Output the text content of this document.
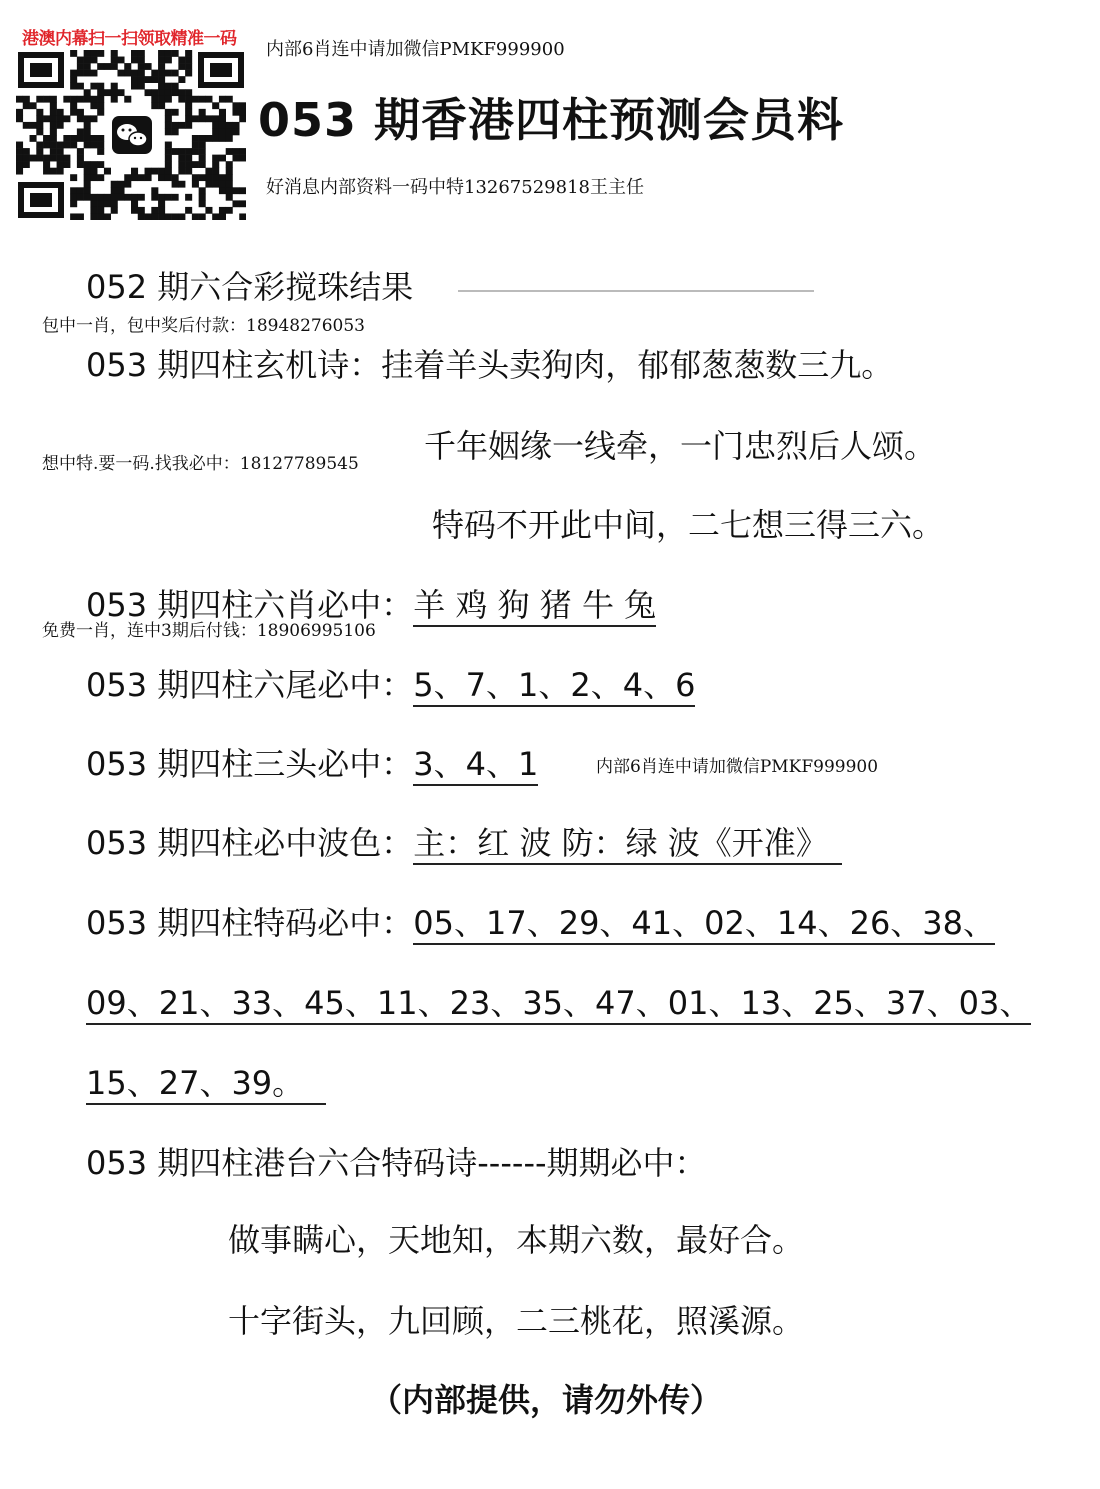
港澳内幕扫一扫领取精准一码 内部6肖连中请加微信PMKF999900
053 期香港四柱预测会员料
好消息内部资料一码中特13267529818王主任
052 期六合彩搅珠结果
包中一肖，包中奖后付款：18948276053
053 期四柱玄机诗：挂着羊头卖狗肉，郁郁葱葱数三九。
想中特.要一码.找我必中：18127789545 千年姻缘一线牵，一门忠烈后人颂。
特码不开此中间，二七想三得三六。
053 期四柱六肖必中：羊 鸡 狗 猪 牛 兔
免费一肖，连中3期后付钱：18906995106
053 期四柱六尾必中：5、7、1、2、4、6
053 期四柱三头必中：3、4、1	内部6肖连中请加微信PMKF999900
053 期四柱必中波色：主：红 波 防：绿 波《开准》
053 期四柱特码必中：05、17、29、41、02、14、26、38、
09、21、33、45、11、23、35、47、01、13、25、37、03、
15、27、39。
053 期四柱港台六合特码诗------期期必中：
做事瞒心，天地知，本期六数，最好合。
十字街头，九回顾，二三桃花，照溪源。
（内部提供，请勿外传）
